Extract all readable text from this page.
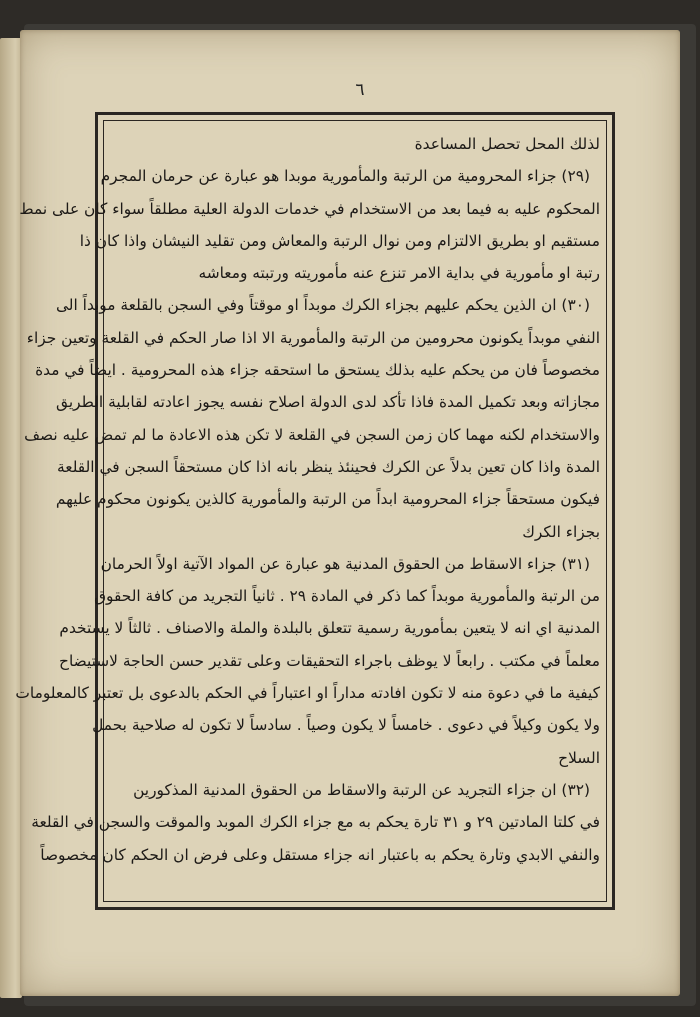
٦
لذلك المحل تحصل المساعدة
(٢٩) جزاء المحرومية من الرتبة والمأمورية موبدا هو عبارة عن حرمان المجرم
المحكوم عليه به فيما بعد من الاستخدام في خدمات الدولة العلية مطلقاً سواء كان على نمط
مستقيم او بطريق الالتزام ومن نوال الرتبة والمعاش ومن تقليد النيشان واذا كان ذا
رتبة او مأمورية في بداية الامر تنزع عنه مأموريته ورتبته ومعاشه
(٣٠) ان الذين يحكم عليهم بجزاء الكرك موبداً او موقتاً وفي السجن بالقلعة موبداً الى
النفي موبداً يكونون محرومين من الرتبة والمأمورية الا اذا صار الحكم في القلعة وتعين جزاء
مخصوصاً فان من يحكم عليه بذلك يستحق ما استحقه جزاء هذه المحرومية . ايضاً في مدة
مجازاته وبعد تكميل المدة فاذا تأكد لدى الدولة اصلاح نفسه يجوز اعادته لقابلية الطريق
والاستخدام لكنه مهما كان زمن السجن في القلعة لا تكن هذه الاعادة ما لم تمض عليه نصف
المدة واذا كان تعين بدلاً عن الكرك فحينئذ ينظر بانه اذا كان مستحقاً السجن في القلعة
فيكون مستحقاً جزاء المحرومية ابداً من الرتبة والمأمورية كالذين يكونون محكوم عليهم
بجزاء الكرك
(٣١) جزاء الاسقاط من الحقوق المدنية هو عبارة عن المواد الآتية اولاً الحرمان
من الرتبة والمأمورية موبداً كما ذكر في المادة ٢٩ . ثانياً التجريد من كافة الحقوق
المدنية اي انه لا يتعين بمأمورية رسمية تتعلق بالبلدة والملة والاصناف . ثالثاً لا يستخدم
معلماً في مكتب . رابعاً لا يوظف باجراء التحقيقات وعلى تقدير حسن الحاجة لاستيضاح
كيفية ما في دعوة منه لا تكون افادته مداراً او اعتباراً في الحكم بالدعوى بل تعتبر كالمعلومات
ولا يكون وكيلاً في دعوى . خامساً لا يكون وصياً . سادساً لا تكون له صلاحية بحمل
السلاح
(٣٢) ان جزاء التجريد عن الرتبة والاسقاط من الحقوق المدنية المذكورين
في كلتا المادتين ٢٩ و ٣١ تارة يحكم به مع جزاء الكرك الموبد والموقت والسجن في القلعة
والنفي الابدي وتارة يحكم به باعتبار انه جزاء مستقل وعلى فرض ان الحكم كان مخصوصاً
